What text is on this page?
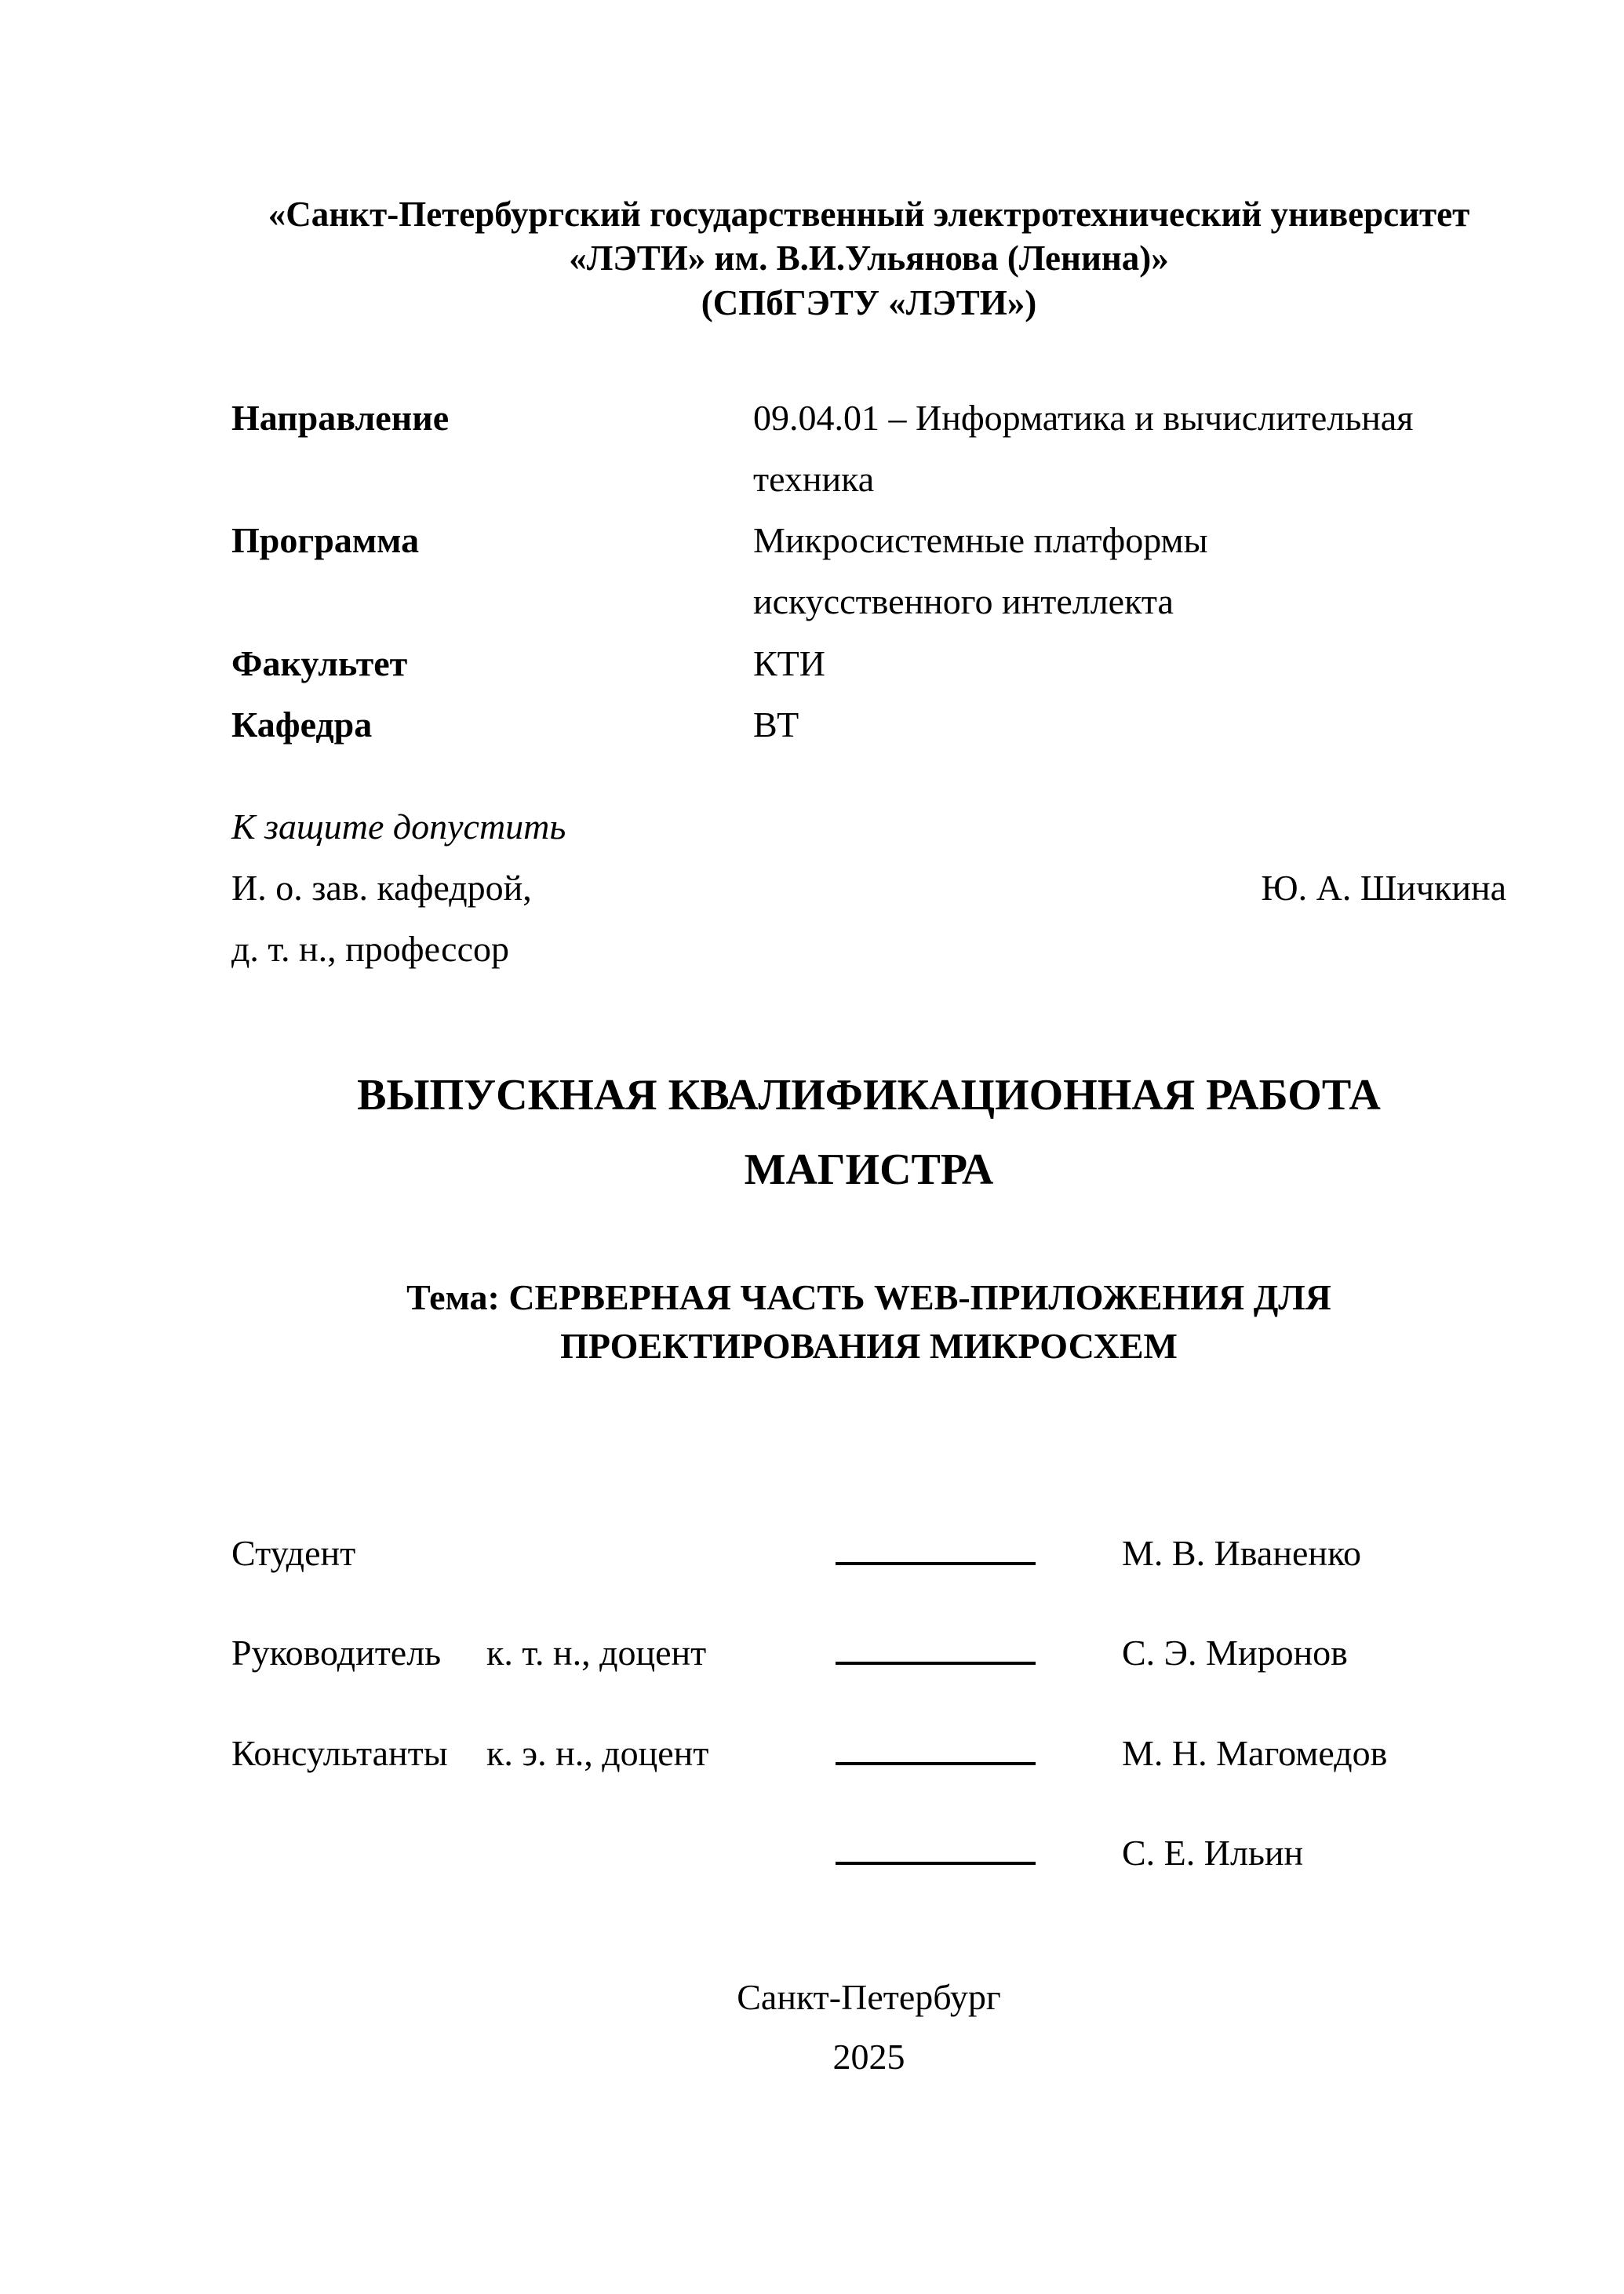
«Санкт-Петербургский государственный электротехнический университет
«ЛЭТИ» им. В.И.Ульянова (Ленина)»
(СПбГЭТУ «ЛЭТИ»)
Направление	09.04.01 – Информатика и вычислительная
техника
Программа	Микросистемные платформы
искусственного интеллекта
Факультет	КТИ
Кафедра	ВТ
К защите допустить
И. о. зав. кафедрой,	Ю. А. Шичкина
д. т. н., профессор
ВЫПУСКНАЯ КВАЛИФИКАЦИОННАЯ РАБОТА
МАГИСТРА
Тема: СЕРВЕРНАЯ ЧАСТЬ WEB-ПРИЛОЖЕНИЯ ДЛЯ
ПРОЕКТИРОВАНИЯ МИКРОСХЕМ
Студент	М. В. Иваненко
Руководитель	к. т. н., доцент	С. Э. Миронов
Консультанты	к. э. н., доцент	М. Н. Магомедов
С. Е. Ильин
Санкт-Петербург
2025
